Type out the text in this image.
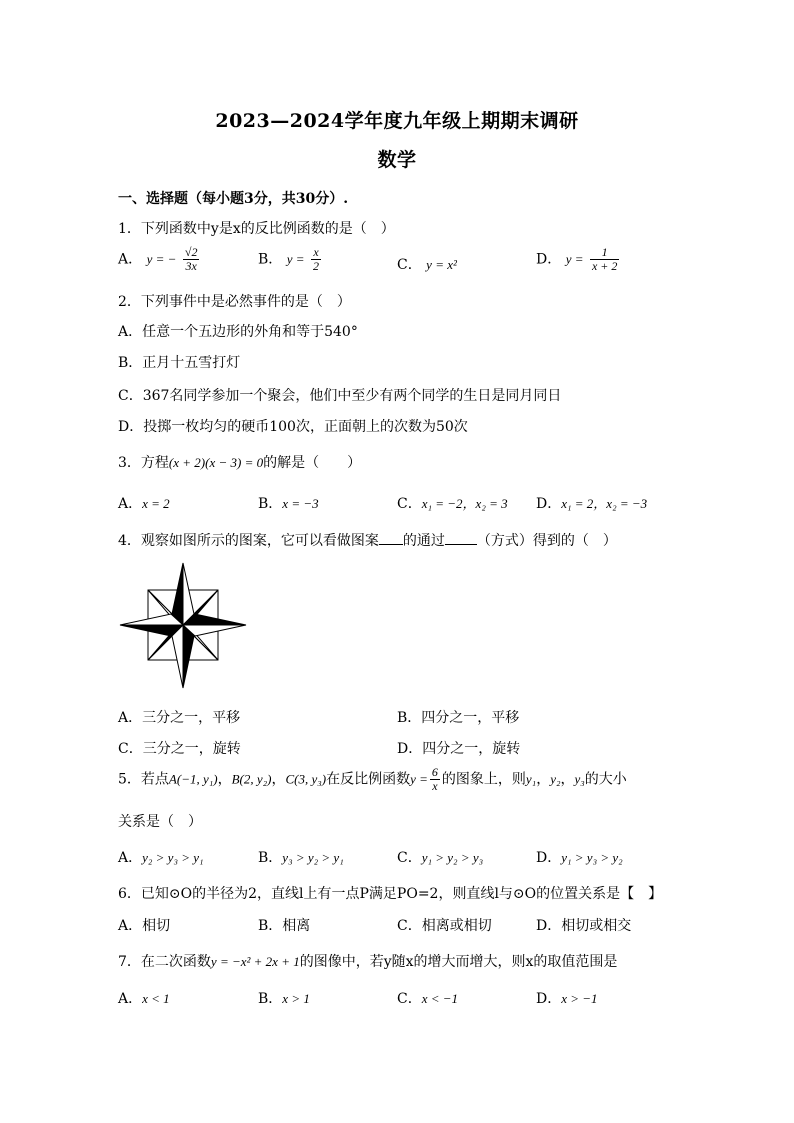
2023—2024学年度九年级上期期末调研
数学
一、选择题（每小题3分，共30分）.
1．下列函数中y是x的反比例函数的是（　）
A． y = − $\frac{√2}{3x}$	B． $y = \frac{x}{2}$	C． y = x²	D． $y = \frac{1}{x + 2}$
2．下列事件中是必然事件的是（　）
A．任意一个五边形的外角和等于540°
B．正月十五雪打灯
C．367名同学参加一个聚会，他们中至少有两个同学的生日是同月同日
D．投掷一枚均匀的硬币100次，正面朝上的次数为50次
3．方程(x + 2)(x − 3) = 0的解是（　　）
A．x = 2	B．x = −3	C．x₁ = −2，x₂ = 3 D．x₁ = 2，x₂ = −3
4．观察如图所示的图案，它可以看做图案 的通过 （方式）得到的（　）
A．三分之一，平移	B．四分之一，平移
C．三分之一，旋转	D．四分之一，旋转
5．若点A(−1, y₁)，B(2, y₂)，C(3, y₃)在反比例函数$y = \frac{6}{x}$ 的图象上，则y₁，y₂，y₃的大小
关系是（　）
A．y₂ > y₃ > y₁	B．y₃ > y₂ > y₁	C．y₁ > y₂ > y₃	D．y₁ > y₃ > y₂
6．已知⊙O的半径为2，直线l上有一点P满足PO=2，则直线l与⊙O的位置关系是【　】
A．相切	B．相离	C．相离或相切	D．相切或相交
7．在二次函数y = −x² + 2x + 1的图像中，若y随x的增大而增大，则x的取值范围是
A．x < 1	B．x > 1	C．x < −1	D．x > −1
